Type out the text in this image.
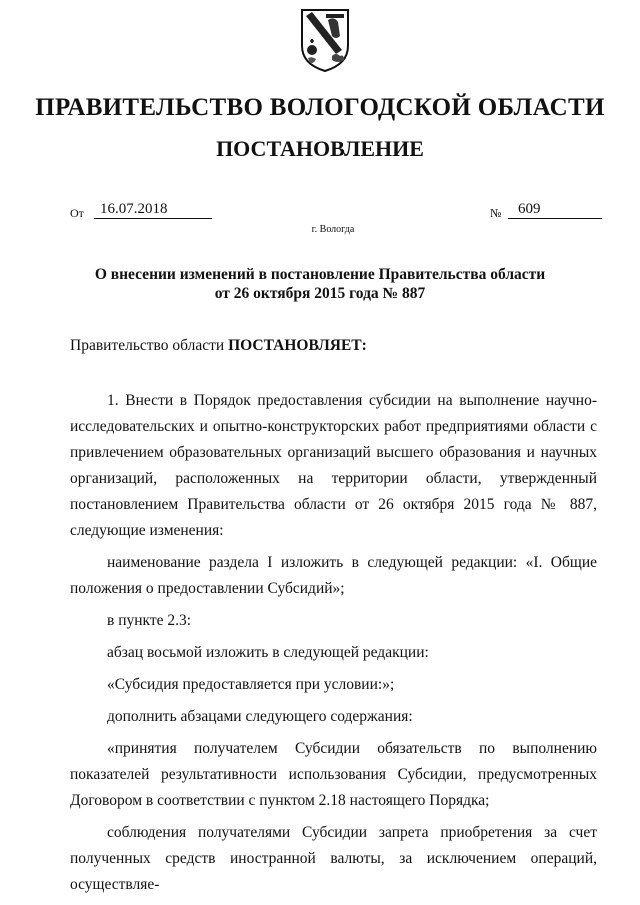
ПРАВИТЕЛЬСТВО ВОЛОГОДСКОЙ ОБЛАСТИ
ПОСТАНОВЛЕНИЕ
От	16.07.2018	№	609
г. Вологда
О внесении изменений в постановление Правительства области
от 26 октября 2015 года № 887
Правительство области ПОСТАНОВЛЯЕТ:

1. Внести в Порядок предоставления субсидии на выполнение научно-исследовательских и опытно-конструкторских работ предприятиями области с привлечением образовательных организаций высшего образования и научных организаций, расположенных на территории области, утвержденный постановлением Правительства области от 26 октября 2015 года № 887, следующие изменения:

наименование раздела I изложить в следующей редакции: «I. Общие положения о предоставлении Субсидий»;

в пункте 2.3:

абзац восьмой изложить в следующей редакции:

«Субсидия предоставляется при условии:»;

дополнить абзацами следующего содержания:

«принятия получателем Субсидии обязательств по выполнению показателей результативности использования Субсидии, предусмотренных Договором в соответствии с пунктом 2.18 настоящего Порядка;

соблюдения получателями Субсидии запрета приобретения за счет полученных средств иностранной валюты, за исключением операций, осуществляе-
